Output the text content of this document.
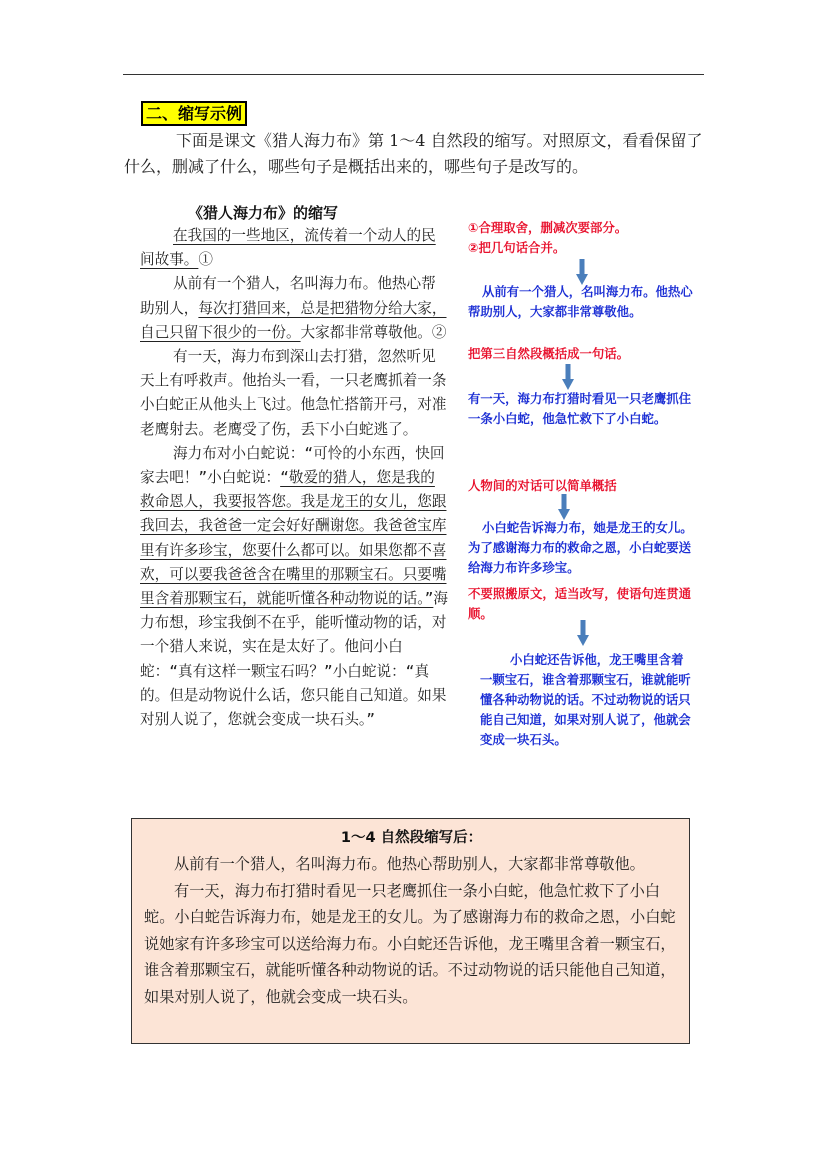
二、缩写示例

下面是课文《猎人海力布》第 1～4 自然段的缩写。对照原文，看看保留了什么，删减了什么，哪些句子是概括出来的，哪些句子是改写的。

《猎人海力布》的缩写

在我国的一些地区，流传着一个动人的民间故事。①

从前有一个猎人，名叫海力布。他热心帮助别人，每次打猎回来，总是把猎物分给大家，自己只留下很少的一份。大家都非常尊敬他。②

有一天，海力布到深山去打猎，忽然听见天上有呼救声。他抬头一看，一只老鹰抓着一条小白蛇正从他头上飞过。他急忙搭箭开弓，对准老鹰射去。老鹰受了伤，丢下小白蛇逃了。

海力布对小白蛇说：“可怜的小东西，快回家去吧！”小白蛇说：“敬爱的猎人，您是我的救命恩人，我要报答您。我是龙王的女儿，您跟我回去，我爸爸一定会好好酬谢您。我爸爸宝库里有许多珍宝，您要什么都可以。如果您都不喜欢，可以要我爸爸含在嘴里的那颗宝石。只要嘴里含着那颗宝石，就能听懂各种动物说的话。”海力布想，珍宝我倒不在乎，能听懂动物的话，对一个猎人来说，实在是太好了。他问小白蛇：“真有这样一颗宝石吗？”小白蛇说：“真的。但是动物说什么话，您只能自己知道。如果对别人说了，您就会变成一块石头。”

①合理取舍，删减次要部分。

②把几句话合并。

从前有一个猎人，名叫海力布。他热心帮助别人，大家都非常尊敬他。

把第三自然段概括成一句话。

有一天，海力布打猎时看见一只老鹰抓住一条小白蛇，他急忙救下了小白蛇。

人物间的对话可以简单概括

小白蛇告诉海力布，她是龙王的女儿。为了感谢海力布的救命之恩，小白蛇要送给海力布许多珍宝。

不要照搬原文，适当改写，使语句连贯通顺。

小白蛇还告诉他，龙王嘴里含着一颗宝石，谁含着那颗宝石，谁就能听懂各种动物说的话。不过动物说的话只能自己知道，如果对别人说了，他就会变成一块石头。

1～4 自然段缩写后：

从前有一个猎人，名叫海力布。他热心帮助别人，大家都非常尊敬他。

有一天，海力布打猎时看见一只老鹰抓住一条小白蛇，他急忙救下了小白蛇。小白蛇告诉海力布，她是龙王的女儿。为了感谢海力布的救命之恩，小白蛇说她家有许多珍宝可以送给海力布。小白蛇还告诉他，龙王嘴里含着一颗宝石，谁含着那颗宝石，就能听懂各种动物说的话。不过动物说的话只能他自己知道，如果对别人说了，他就会变成一块石头。
